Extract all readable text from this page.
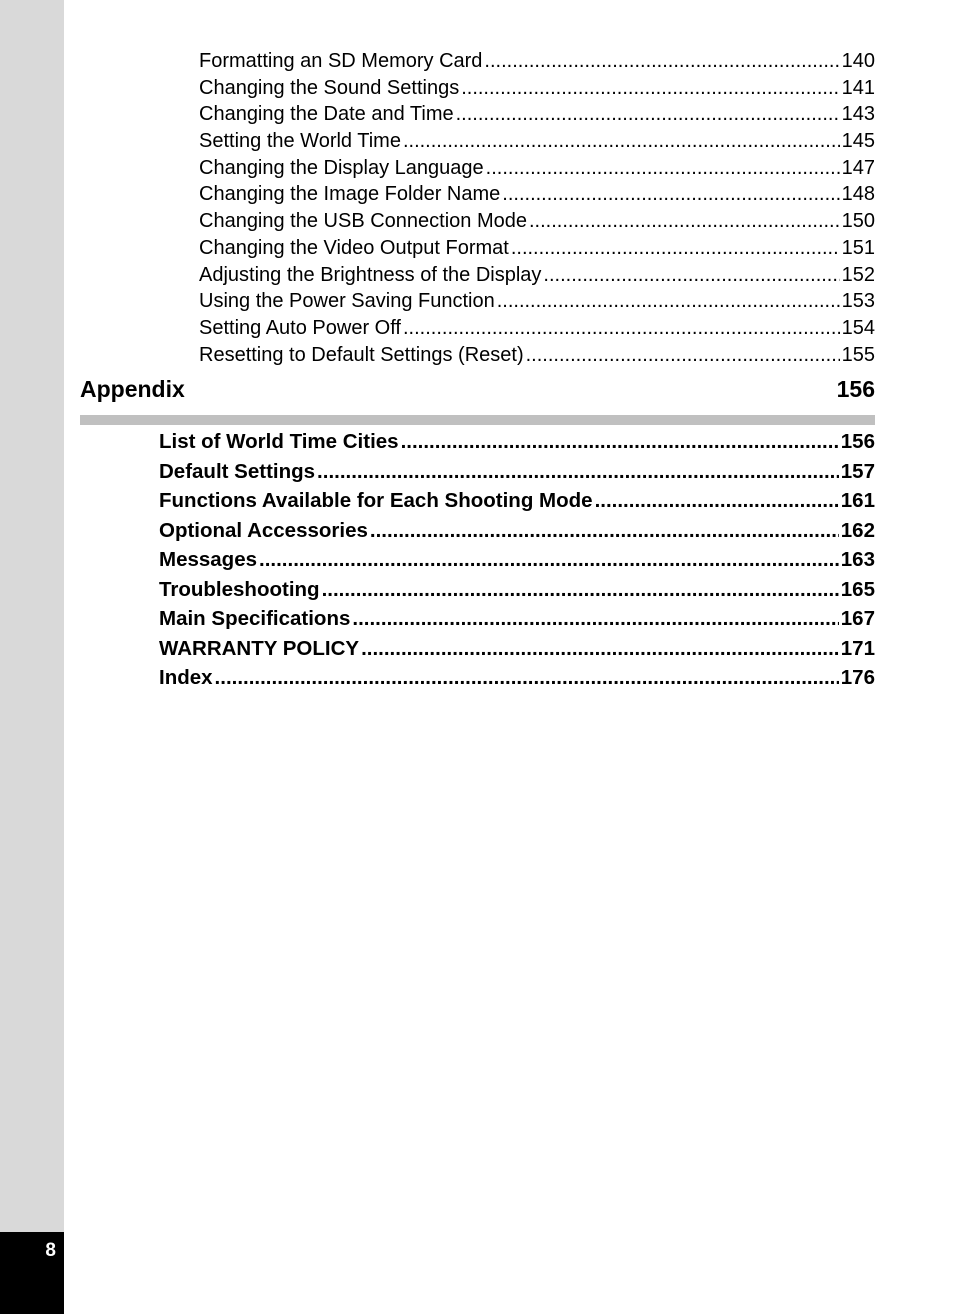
8
Formatting an SD Memory Card .....	140
Changing the Sound Settings .....	141
Changing the Date and Time .....	143
Setting the World Time .....	145
Changing the Display Language .....	147
Changing the Image Folder Name .....	148
Changing the USB Connection Mode .....	150
Changing the Video Output Format .....	151
Adjusting the Brightness of the Display .....	152
Using the Power Saving Function .....	153
Setting Auto Power Off .....	154
Resetting to Default Settings (Reset) .....	155
Appendix	156
List of World Time Cities .....	156
Default Settings .....	157
Functions Available for Each Shooting Mode .....	161
Optional Accessories .....	162
Messages .....	163
Troubleshooting .....	165
Main Specifications .....	167
WARRANTY POLICY .....	171
Index .....	176
